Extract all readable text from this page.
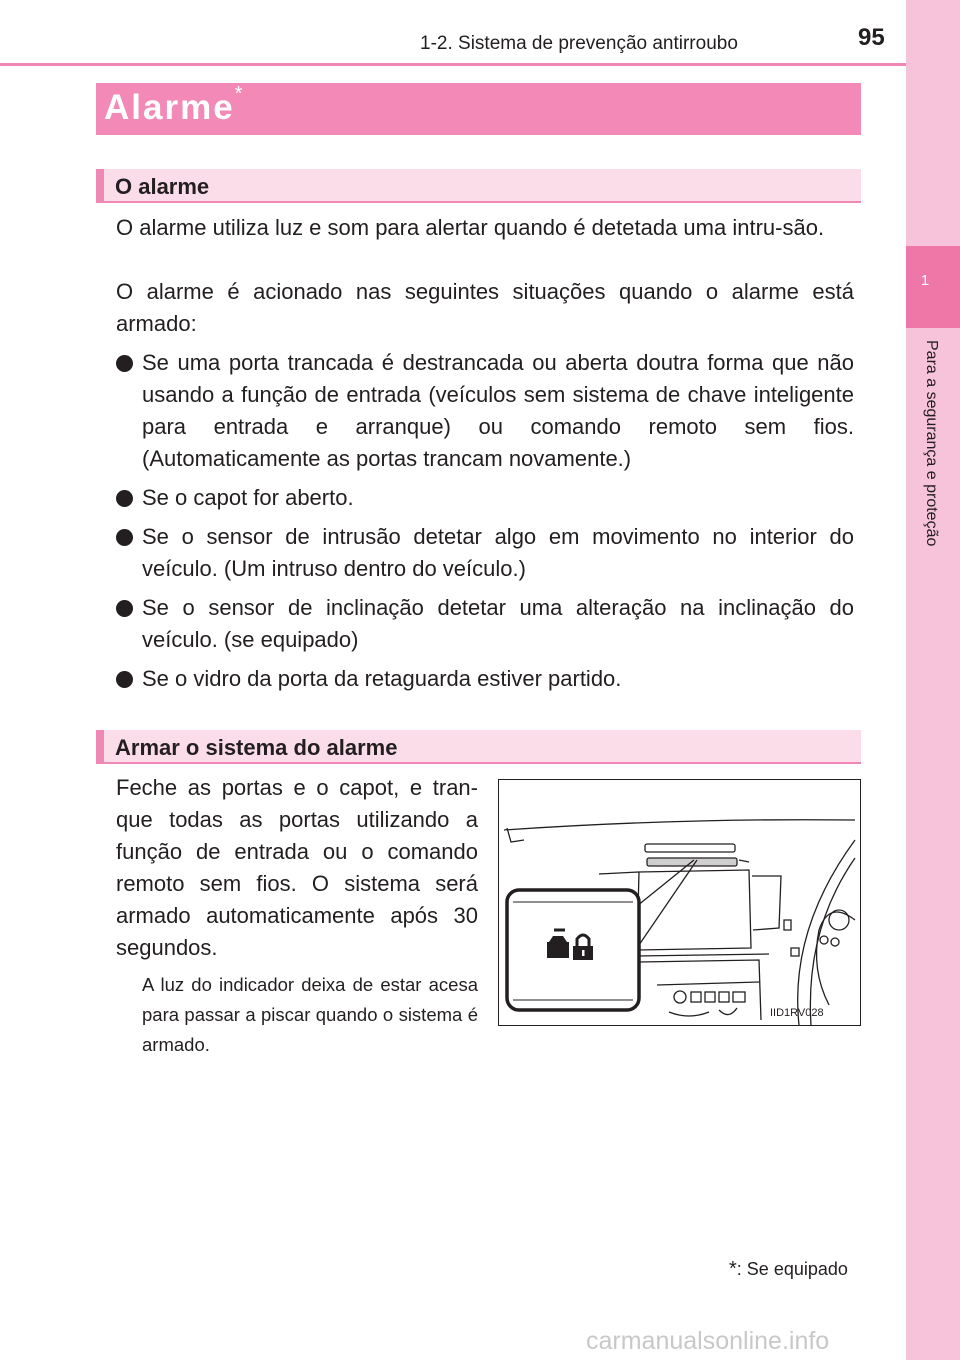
1
Para a segurança e proteção
1-2. Sistema de prevenção antirroubo	95
Alarme*
O alarme
O alarme utiliza luz e som para alertar quando é detetada uma intru-são.
O alarme é acionado nas seguintes situações quando o alarme está armado:
Se uma porta trancada é destrancada ou aberta doutra forma que não usando a função de entrada (veículos sem sistema de chave inteligente para entrada e arranque) ou comando remoto sem fios. (Automaticamente as portas trancam novamente.)
Se o capot for aberto.
Se o sensor de intrusão detetar algo em movimento no interior do veículo. (Um intruso dentro do veículo.)
Se o sensor de inclinação detetar uma alteração na inclinação do veículo. (se equipado)
Se o vidro da porta da retaguarda estiver partido.
Armar o sistema do alarme
Feche as portas e o capot, e tran-que todas as portas utilizando a função de entrada ou o comando remoto sem fios. O sistema será armado automaticamente após 30 segundos.
A luz do indicador deixa de estar acesa para passar a piscar quando o sistema é armado.
IID1RV028
*: Se equipado
carmanualsonline.info
